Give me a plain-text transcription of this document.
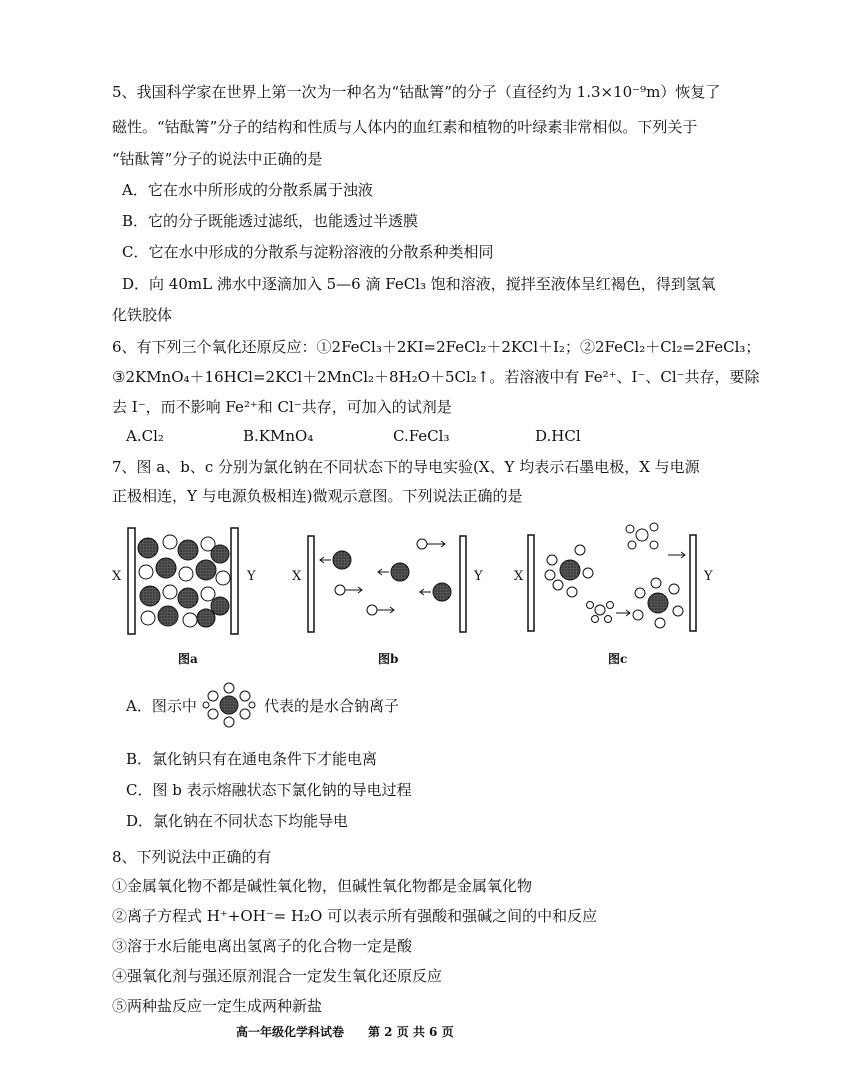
5、我国科学家在世界上第一次为一种名为“钴酞箐”的分子（直径约为 1.3×10⁻⁹m）恢复了
磁性。“钴酞箐”分子的结构和性质与人体内的血红素和植物的叶绿素非常相似。下列关于
“钴酞箐”分子的说法中正确的是
A．它在水中所形成的分散系属于浊液
B．它的分子既能透过滤纸，也能透过半透膜
C．它在水中形成的分散系与淀粉溶液的分散系种类相同
D．向 40mL 沸水中逐滴加入 5—6 滴 FeCl₃ 饱和溶液，搅拌至液体呈红褐色，得到氢氧
化铁胶体
6、有下列三个氧化还原反应：①2FeCl₃＋2KI=2FeCl₂＋2KCl＋I₂；②2FeCl₂＋Cl₂=2FeCl₃；
③2KMnO₄＋16HCl=2KCl＋2MnCl₂＋8H₂O＋5Cl₂↑。若溶液中有 Fe²⁺、I⁻、Cl⁻共存，要除
去 I⁻，而不影响 Fe²⁺和 Cl⁻共存，可加入的试剂是
A.Cl₂	B.KMnO₄	C.FeCl₃	D.HCl
7、图 a、b、c 分别为氯化钠在不同状态下的导电实验(X、Y 均表示石墨电极，X 与电源
正极相连，Y 与电源负极相连)微观示意图。下列说法正确的是
X	Y
图a
X	Y
图b
X	Y
图c
A．图示中	代表的是水合钠离子
B．氯化钠只有在通电条件下才能电离
C．图 b 表示熔融状态下氯化钠的导电过程
D．氯化钠在不同状态下均能导电
8、下列说法中正确的有
①金属氧化物不都是碱性氧化物，但碱性氧化物都是金属氧化物
②离子方程式 H⁺+OH⁻= H₂O 可以表示所有强酸和强碱之间的中和反应
③溶于水后能电离出氢离子的化合物一定是酸
④强氧化剂与强还原剂混合一定发生氧化还原反应
⑤两种盐反应一定生成两种新盐
高一年级化学科试卷 第 2 页 共 6 页
